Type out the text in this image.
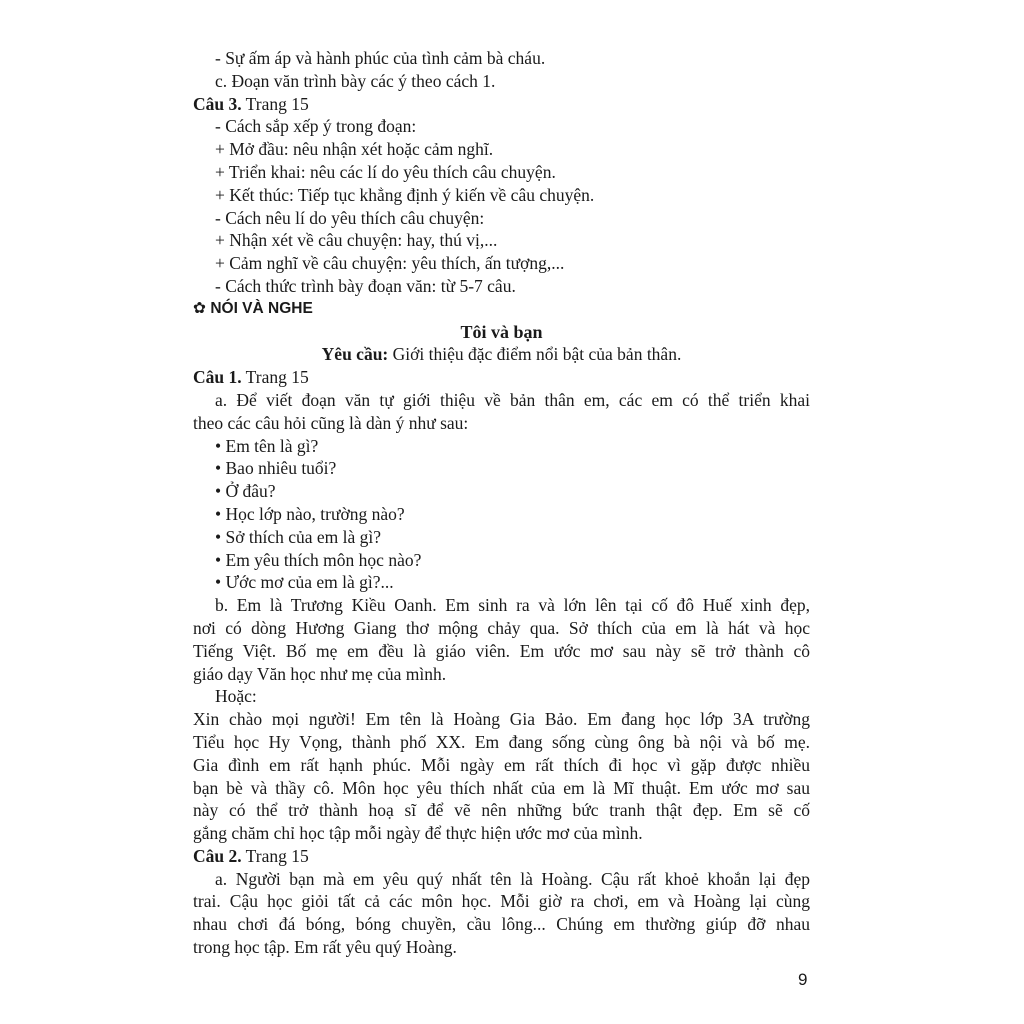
- Sự ấm áp và hành phúc của tình cảm bà cháu.
c. Đoạn văn trình bày các ý theo cách 1.
Câu 3. Trang 15
- Cách sắp xếp ý trong đoạn:
+ Mở đầu: nêu nhận xét hoặc cảm nghĩ.
+ Triển khai: nêu các lí do yêu thích câu chuyện.
+ Kết thúc: Tiếp tục khẳng định ý kiến về câu chuyện.
- Cách nêu lí do yêu thích câu chuyện:
+ Nhận xét về câu chuyện: hay, thú vị,...
+ Cảm nghĩ về câu chuyện: yêu thích, ấn tượng,...
- Cách thức trình bày đoạn văn: từ 5-7 câu.
✿ NÓI VÀ NGHE
Tôi và bạn
Yêu cầu: Giới thiệu đặc điểm nổi bật của bản thân.
Câu 1. Trang 15
a. Để viết đoạn văn tự giới thiệu về bản thân em, các em có thể triển khai
theo các câu hỏi cũng là dàn ý như sau:
• Em tên là gì?
• Bao nhiêu tuổi?
• Ở đâu?
• Học lớp nào, trường nào?
• Sở thích của em là gì?
• Em yêu thích môn học nào?
• Ước mơ của em là gì?...
b. Em là Trương Kiều Oanh. Em sinh ra và lớn lên tại cố đô Huế xinh đẹp,
nơi có dòng Hương Giang thơ mộng chảy qua. Sở thích của em là hát và học
Tiếng Việt. Bố mẹ em đều là giáo viên. Em ước mơ sau này sẽ trở thành cô
giáo dạy Văn học như mẹ của mình.
Hoặc:
Xin chào mọi người! Em tên là Hoàng Gia Bảo. Em đang học lớp 3A trường
Tiểu học Hy Vọng, thành phố XX. Em đang sống cùng ông bà nội và bố mẹ.
Gia đình em rất hạnh phúc. Mỗi ngày em rất thích đi học vì gặp được nhiều
bạn bè và thầy cô. Môn học yêu thích nhất của em là Mĩ thuật. Em ước mơ sau
này có thể trở thành hoạ sĩ để vẽ nên những bức tranh thật đẹp. Em sẽ cố
gắng chăm chỉ học tập mỗi ngày để thực hiện ước mơ của mình.
Câu 2. Trang 15
a. Người bạn mà em yêu quý nhất tên là Hoàng. Cậu rất khoẻ khoắn lại đẹp
trai. Cậu học giỏi tất cả các môn học. Mỗi giờ ra chơi, em và Hoàng lại cùng
nhau chơi đá bóng, bóng chuyền, cầu lông... Chúng em thường giúp đỡ nhau
trong học tập. Em rất yêu quý Hoàng.
9
